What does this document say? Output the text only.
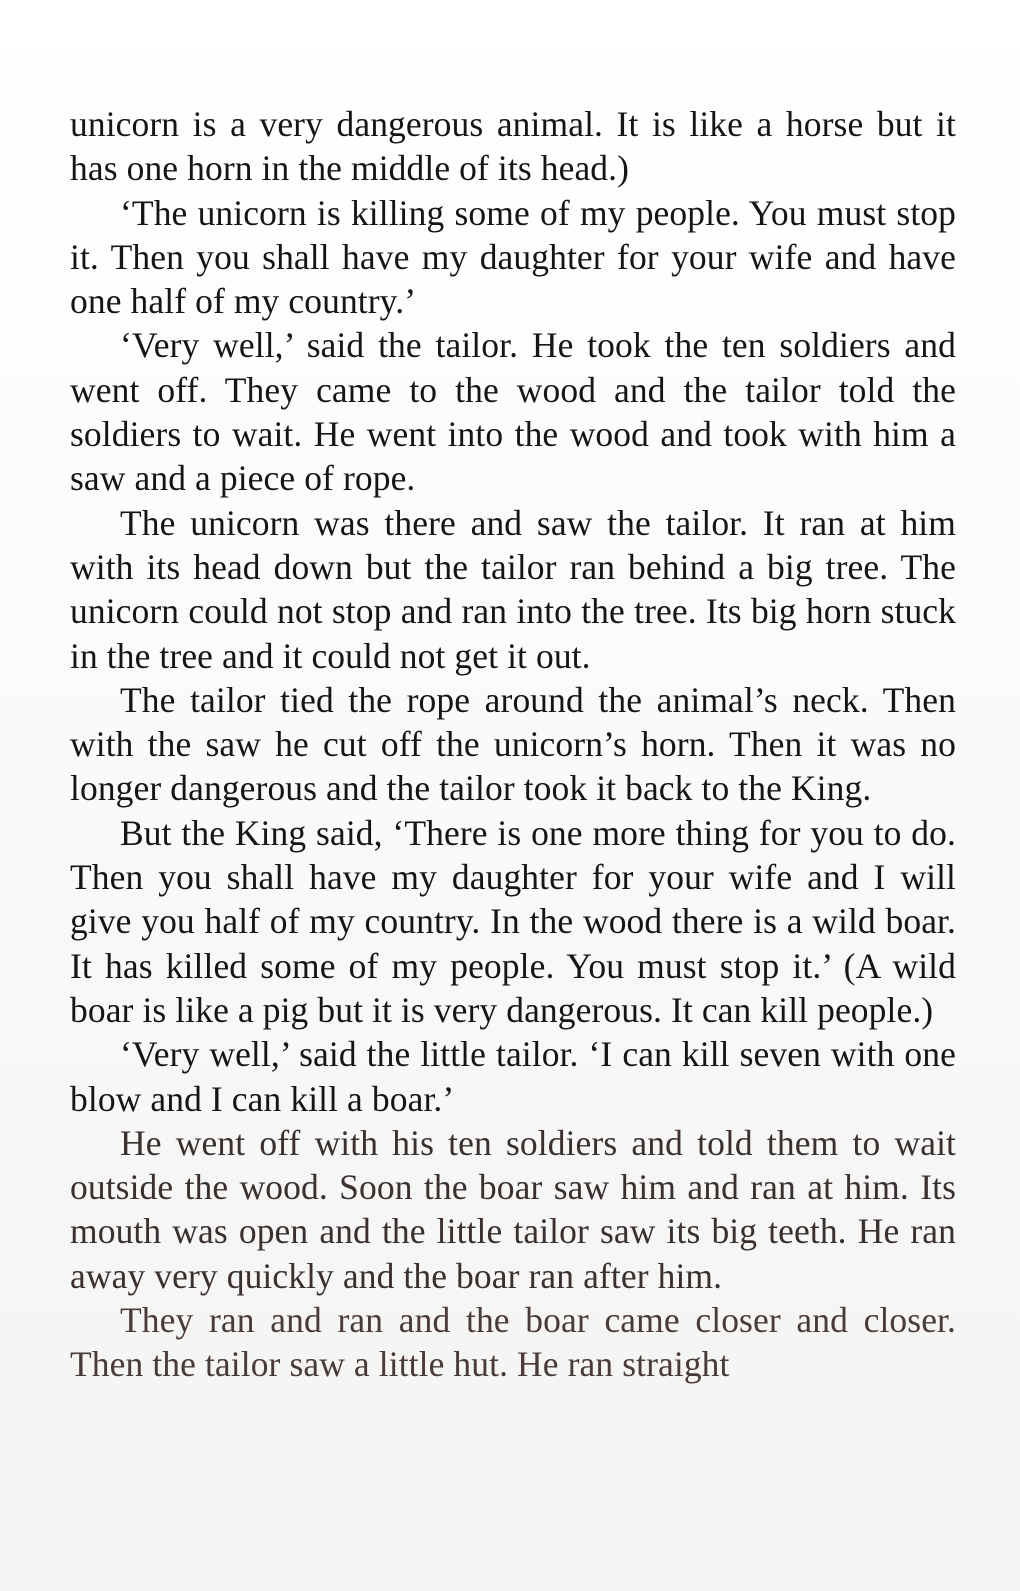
unicorn is a very dangerous animal. It is like a horse but it has one horn in the middle of its head.)

‘The unicorn is killing some of my people. You must stop it. Then you shall have my daughter for your wife and have one half of my country.’

‘Very well,’ said the tailor. He took the ten soldiers and went off. They came to the wood and the tailor told the soldiers to wait. He went into the wood and took with him a saw and a piece of rope.

The unicorn was there and saw the tailor. It ran at him with its head down but the tailor ran behind a big tree. The unicorn could not stop and ran into the tree. Its big horn stuck in the tree and it could not get it out.

The tailor tied the rope around the animal’s neck. Then with the saw he cut off the unicorn’s horn. Then it was no longer dangerous and the tailor took it back to the King.

But the King said, ‘There is one more thing for you to do. Then you shall have my daughter for your wife and I will give you half of my country. In the wood there is a wild boar. It has killed some of my people. You must stop it.’ (A wild boar is like a pig but it is very dangerous. It can kill people.)

‘Very well,’ said the little tailor. ‘I can kill seven with one blow and I can kill a boar.’

He went off with his ten soldiers and told them to wait outside the wood. Soon the boar saw him and ran at him. Its mouth was open and the little tailor saw its big teeth. He ran away very quickly and the boar ran after him.

They ran and ran and the boar came closer and closer. Then the tailor saw a little hut. He ran straight
